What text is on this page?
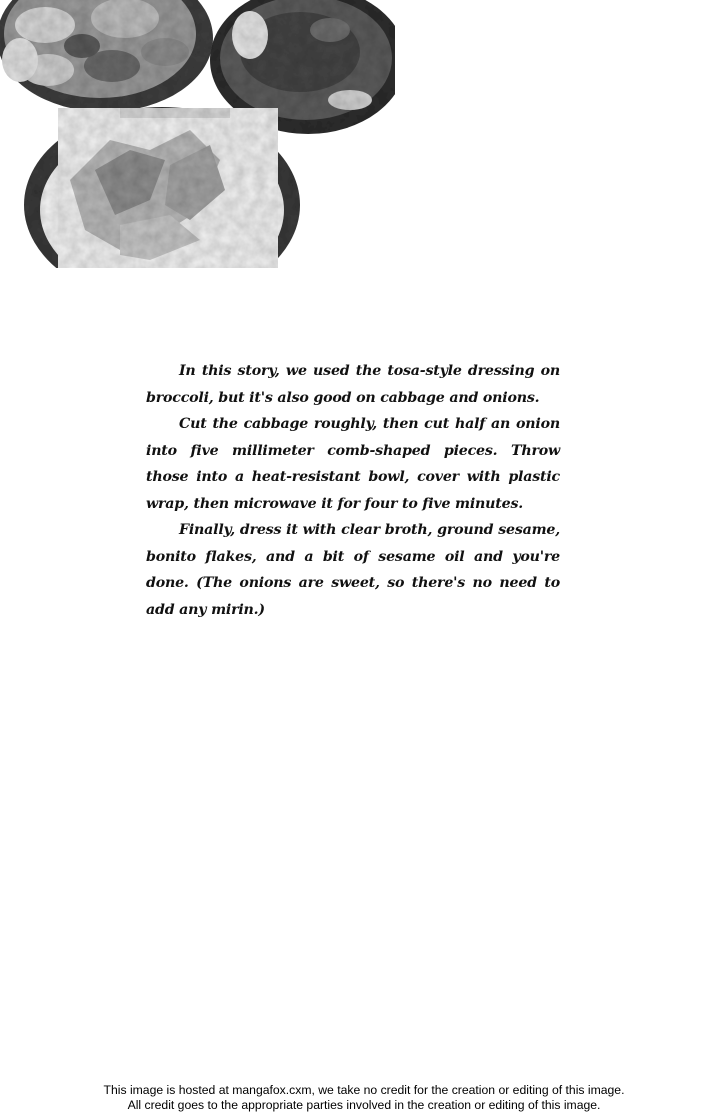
In this story, we used the tosa-style dressing on broccoli, but it's also good on cabbage and onions.

Cut the cabbage roughly, then cut half an onion into five millimeter comb-shaped pieces. Throw those into a heat-resistant bowl, cover with plastic wrap, then microwave it for four to five minutes.

Finally, dress it with clear broth, ground sesame, bonito flakes, and a bit of sesame oil and you're done. (The onions are sweet, so there's no need to add any mirin.)

This image is hosted at mangafox.cxm, we take no credit for the creation or editing of this image.
All credit goes to the appropriate parties involved in the creation or editing of this image.
